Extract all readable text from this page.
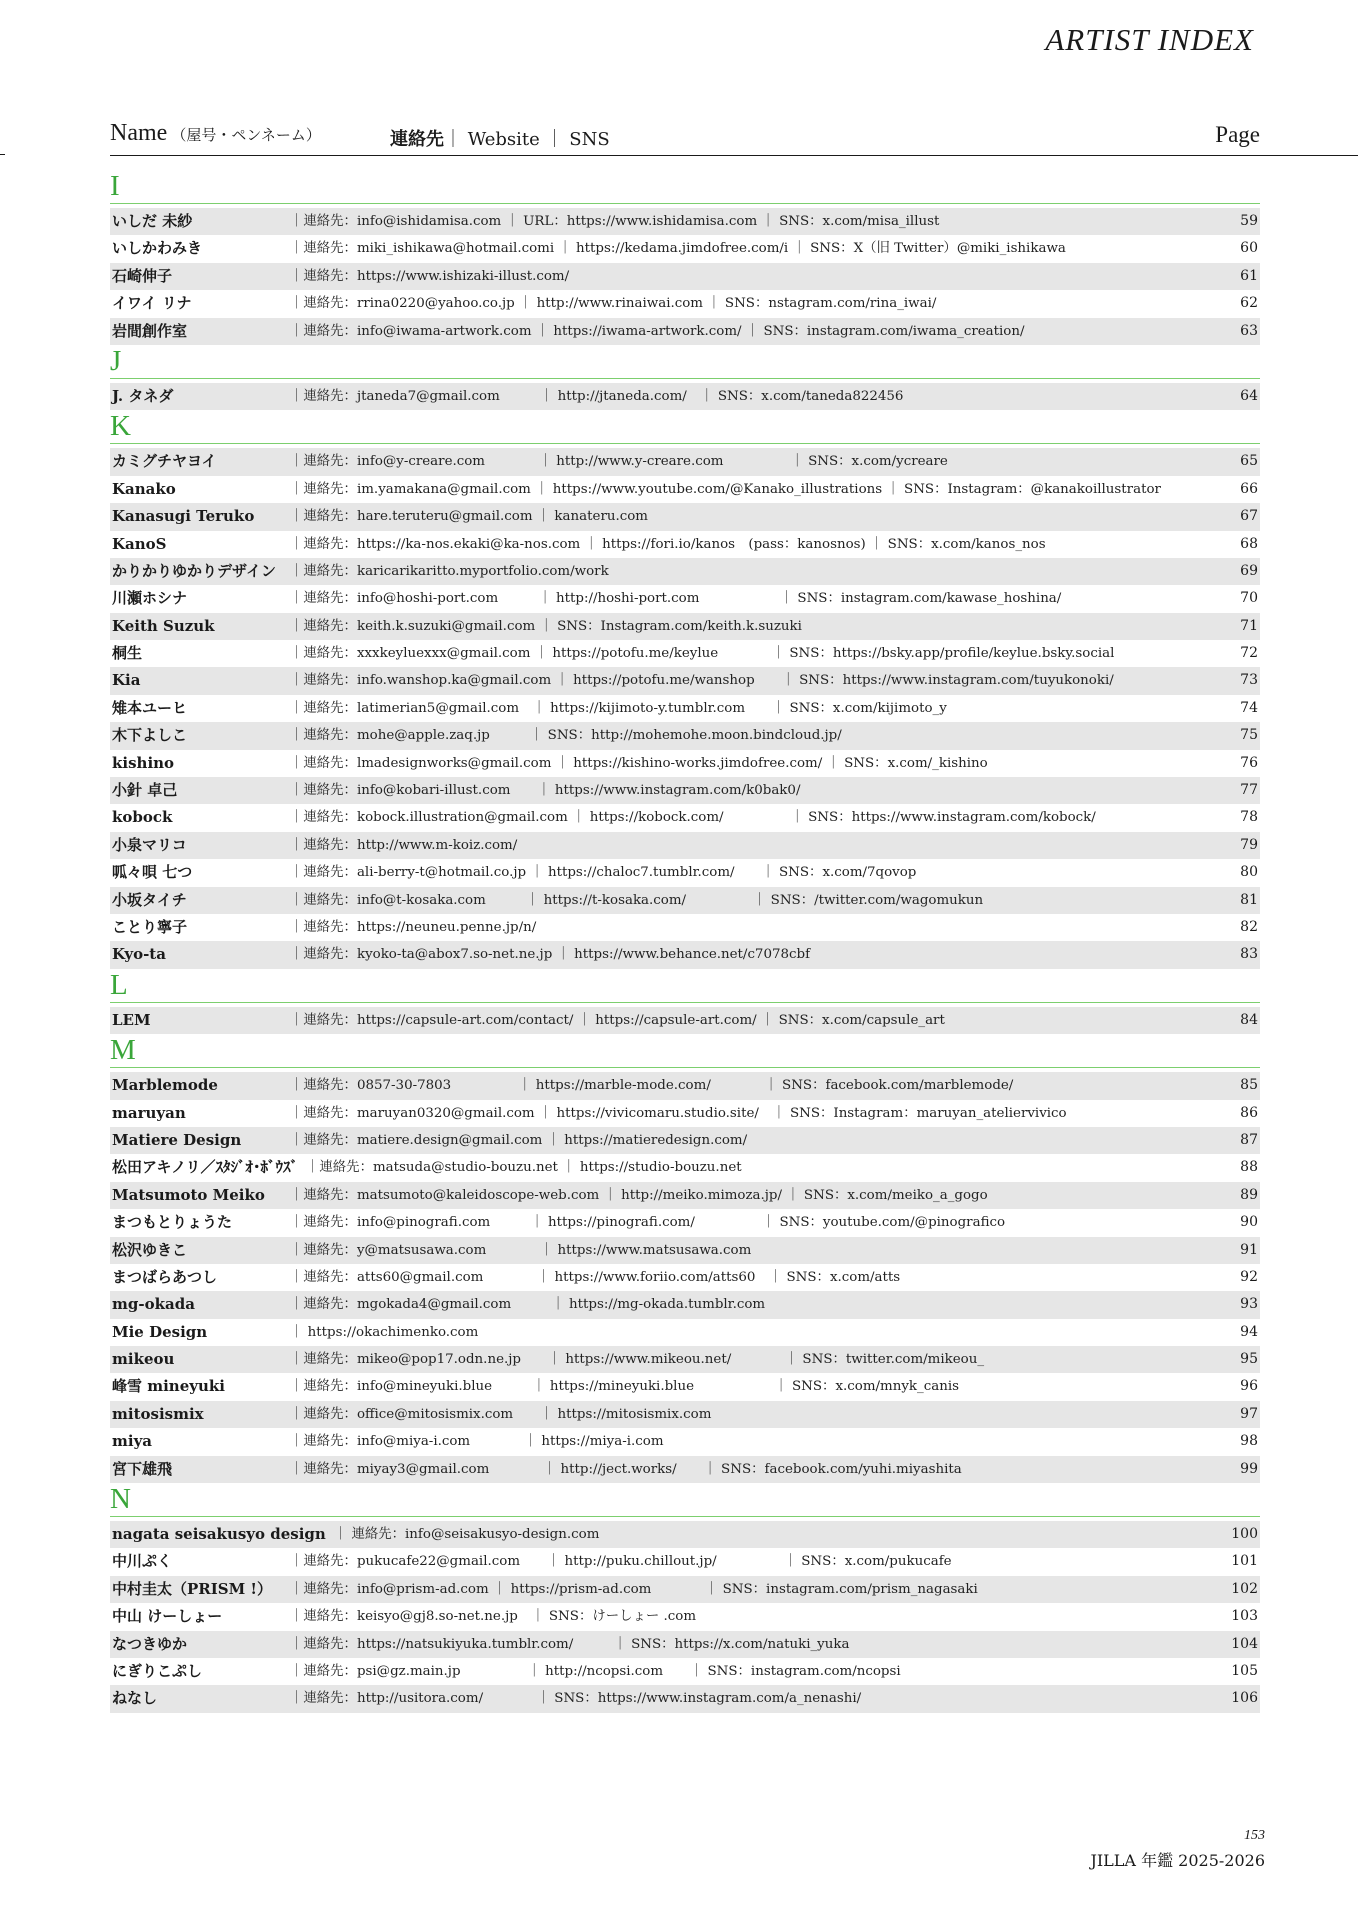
ARTIST INDEX
Name （屋号・ペンネーム）	連絡先｜ Website ｜ SNS	Page
I
いしだ 未紗	｜連絡先：info@ishidamisa.com ｜ URL：https://www.ishidamisa.com ｜ SNS：x.com/misa_illust	59
いしかわみき	｜連絡先：miki_ishikawa@hotmail.comi ｜ https://kedama.jimdofree.com/i ｜ SNS：X（旧 Twitter）@miki_ishikawa	60
石崎伸子	｜連絡先：https://www.ishizaki-illust.com/	61
イワイ リナ	｜連絡先：rrina0220@yahoo.co.jp ｜ http://www.rinaiwai.com ｜ SNS：nstagram.com/rina_iwai/	62
岩間創作室	｜連絡先：info@iwama-artwork.com ｜ https://iwama-artwork.com/ ｜ SNS：instagram.com/iwama_creation/	63
J
J. タネダ	｜連絡先：jtaneda7@gmail.com　　　｜ http://jtaneda.com/　｜ SNS：x.com/taneda822456	64
K
カミグチヤヨイ	｜連絡先：info@y-creare.com　　　　｜ http://www.y-creare.com　　　　　｜ SNS：x.com/ycreare	65
Kanako	｜連絡先：im.yamakana@gmail.com ｜ https://www.youtube.com/@Kanako_illustrations ｜ SNS：Instagram：@kanakoillustrator	66
Kanasugi Teruko	｜連絡先：hare.teruteru@gmail.com ｜ kanateru.com	67
KanoS	｜連絡先：https://ka-nos.ekaki@ka-nos.com ｜ https://fori.io/kanos　(pass：kanosnos) ｜ SNS：x.com/kanos_nos	68
かりかりゆかりデザイン ｜連絡先：karicarikaritto.myportfolio.com/work	69
川瀬ホシナ	｜連絡先：info@hoshi-port.com　　　｜ http://hoshi-port.com　　　　　　｜ SNS：instagram.com/kawase_hoshina/	70
Keith Suzuk	｜連絡先：keith.k.suzuki@gmail.com ｜ SNS：Instagram.com/keith.k.suzuki	71
桐生	｜連絡先：xxxkeyluexxx@gmail.com ｜ https://potofu.me/keylue　　　　｜ SNS：https://bsky.app/profile/keylue.bsky.social	72
Kia	｜連絡先：info.wanshop.ka@gmail.com ｜ https://potofu.me/wanshop　　｜ SNS：https://www.instagram.com/tuyukonoki/	73
雉本ユーヒ	｜連絡先：latimerian5@gmail.com　｜ https://kijimoto-y.tumblr.com　　｜ SNS：x.com/kijimoto_y	74
木下よしこ	｜連絡先：mohe@apple.zaq.jp　　　｜ SNS：http://mohemohe.moon.bindcloud.jp/	75
kishino	｜連絡先：lmadesignworks@gmail.com ｜ https://kishino-works.jimdofree.com/ ｜ SNS：x.com/_kishino	76
小針 卓己	｜連絡先：info@kobari-illust.com　　｜ https://www.instagram.com/k0bak0/	77
kobock	｜連絡先：kobock.illustration@gmail.com ｜ https://kobock.com/　　　　　｜ SNS：https://www.instagram.com/kobock/	78
小泉マリコ	｜連絡先：http://www.m-koiz.com/	79
呱々唄 七つ	｜連絡先：ali-berry-t@hotmail.co.jp ｜ https://chaloc7.tumblr.com/　　｜ SNS：x.com/7qovop	80
小坂タイチ	｜連絡先：info@t-kosaka.com　　　｜ https://t-kosaka.com/　　　　　｜ SNS：/twitter.com/wagomukun	81
ことり寧子	｜連絡先：https://neuneu.penne.jp/n/	82
Kyo-ta	｜連絡先：kyoko-ta@abox7.so-net.ne.jp ｜ https://www.behance.net/c7078cbf	83
L
LEM	｜連絡先：https://capsule-art.com/contact/ ｜ https://capsule-art.com/ ｜ SNS：x.com/capsule_art	84
M
Marblemode	｜連絡先：0857-30-7803　　　　　｜ https://marble-mode.com/　　　　｜ SNS：facebook.com/marblemode/	85
maruyan	｜連絡先：maruyan0320@gmail.com ｜ https://vivicomaru.studio.site/　｜ SNS：Instagram：maruyan_ateliervivico	86
Matiere Design	｜連絡先：matiere.design@gmail.com ｜ https://matieredesign.com/	87
松田アキノリ／ｽﾀｼﾞｵ･ﾎﾞｳｽﾞ ｜連絡先：matsuda@studio-bouzu.net ｜ https://studio-bouzu.net	88
Matsumoto Meiko ｜連絡先：matsumoto@kaleidoscope-web.com ｜ http://meiko.mimoza.jp/ ｜ SNS：x.com/meiko_a_gogo	89
まつもとりょうた	｜連絡先：info@pinografi.com　　　｜ https://pinografi.com/　　　　　｜ SNS：youtube.com/@pinografico	90
松沢ゆきこ	｜連絡先：y@matsusawa.com　　　　｜ https://www.matsusawa.com	91
まつばらあつし	｜連絡先：atts60@gmail.com　　　　｜ https://www.foriio.com/atts60　｜ SNS：x.com/atts	92
mg-okada	｜連絡先：mgokada4@gmail.com　　　｜ https://mg-okada.tumblr.com	93
Mie Design	｜ https://okachimenko.com	94
mikeou	｜連絡先：mikeo@pop17.odn.ne.jp　　｜ https://www.mikeou.net/　　　　｜ SNS：twitter.com/mikeou_	95
峰雪 mineyuki	｜連絡先：info@mineyuki.blue　　　｜ https://mineyuki.blue　　　　　　｜ SNS：x.com/mnyk_canis	96
mitosismix	｜連絡先：office@mitosismix.com　　｜ https://mitosismix.com	97
miya	｜連絡先：info@miya-i.com　　　　｜ https://miya-i.com	98
宮下雄飛	｜連絡先：miyay3@gmail.com　　　　｜ http://ject.works/　　｜ SNS：facebook.com/yuhi.miyashita	99
N
nagata seisakusyo design ｜ 連絡先：info@seisakusyo-design.com	100
中川ぷく	｜連絡先：pukucafe22@gmail.com　　｜ http://puku.chillout.jp/　　　　　｜ SNS：x.com/pukucafe	101
中村圭太（PRISM !） ｜連絡先：info@prism-ad.com ｜ https://prism-ad.com　　　　｜ SNS：instagram.com/prism_nagasaki	102
中山 けーしょー	｜連絡先：keisyo@gj8.so-net.ne.jp　｜ SNS：けーしょー .com	103
なつきゆか	｜連絡先：https://natsukiyuka.tumblr.com/　　　｜ SNS：https://x.com/natuki_yuka	104
にぎりこぷし	｜連絡先：psi@gz.main.jp　　　　　｜ http://ncopsi.com　　｜ SNS：instagram.com/ncopsi	105
ねなし	｜連絡先：http://usitora.com/　　　　｜ SNS：https://www.instagram.com/a_nenashi/	106
153
JILLA 年鑑 2025-2026
